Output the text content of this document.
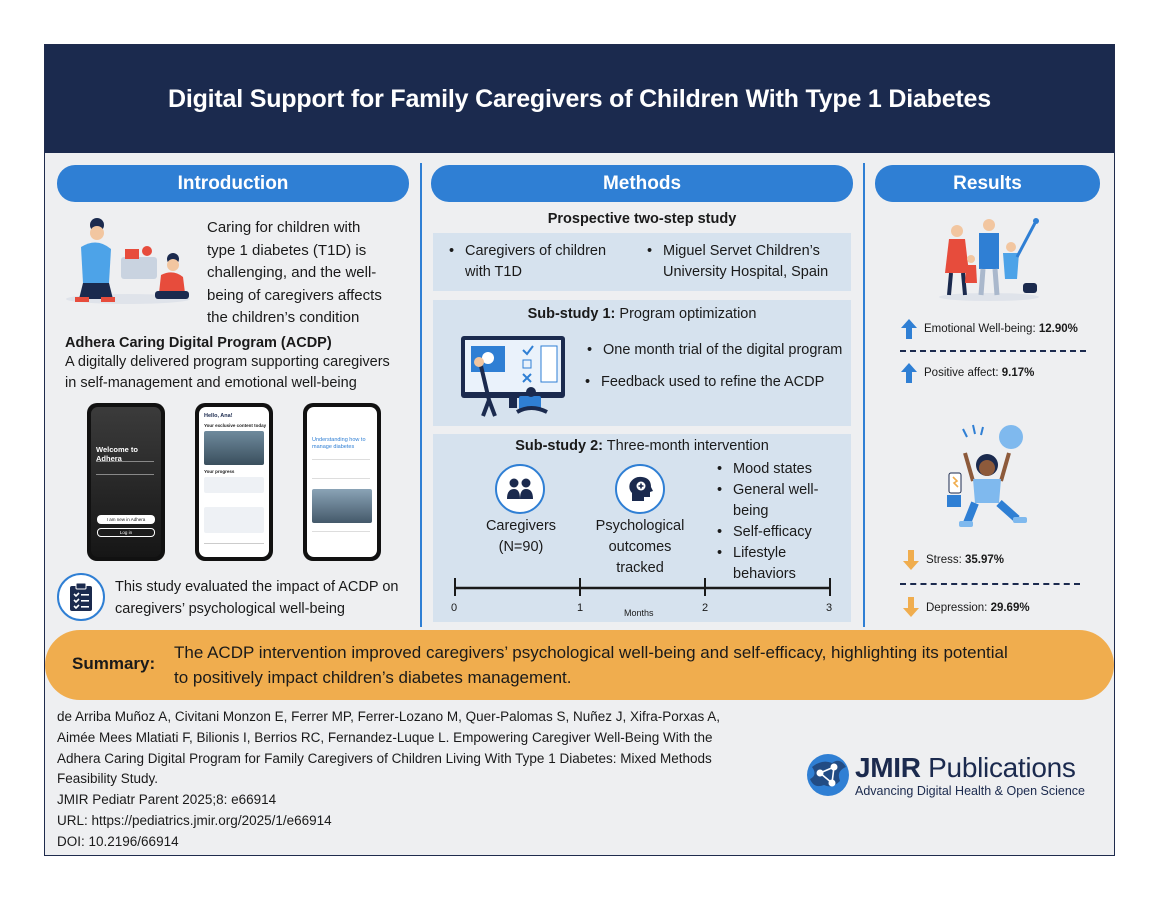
Digital Support for Family Caregivers of Children With Type 1 Diabetes
Introduction	Methods	Results
Caring for children with
type 1 diabetes (T1D) is
challenging, and the well-
being of caregivers affects
the children’s condition
Adhera Caring Digital Program (ACDP)
A digitally delivered program supporting caregivers
in self-management and emotional well-being
Welcome to Adhera
I am new in Adhera
Log in
Hello, Ana!
Your exclusive content today
Your progress
Understanding how to manage diabetes
This study evaluated the impact of ACDP on
caregivers’ psychological well-being
Prospective two-step study
• Caregivers of children
with T1D
• Miguel Servet Children’s
University Hospital, Spain
Sub-study 1: Program optimization
• One month trial of the digital program
• Feedback used to refine the ACDP
Sub-study 2: Three-month intervention
Caregivers
(N=90)
Psychological
outcomes
tracked
• Mood states
• General well-
being
• Self-efficacy
• Lifestyle
behaviors
0	1	2	3
Months
Emotional Well-being: 12.90%
Positive affect: 9.17%
Stress: 35.97%
Depression: 29.69%
Summary:
The ACDP intervention improved caregivers’ psychological well-being and self-efficacy, highlighting its potential
to positively impact children’s diabetes management.
de Arriba Muñoz A, Civitani Monzon E, Ferrer MP, Ferrer-Lozano M, Quer-Palomas S, Nuñez J, Xifra-Porxas A,
Aimée Mees Mlatiati F, Bilionis I, Berrios RC, Fernandez-Luque L. Empowering Caregiver Well-Being With the
Adhera Caring Digital Program for Family Caregivers of Children Living With Type 1 Diabetes: Mixed Methods
Feasibility Study.
JMIR Pediatr Parent 2025;8: e66914
URL: https://pediatrics.jmir.org/2025/1/e66914
DOI: 10.2196/66914
JMIR Publications
Advancing Digital Health & Open Science
